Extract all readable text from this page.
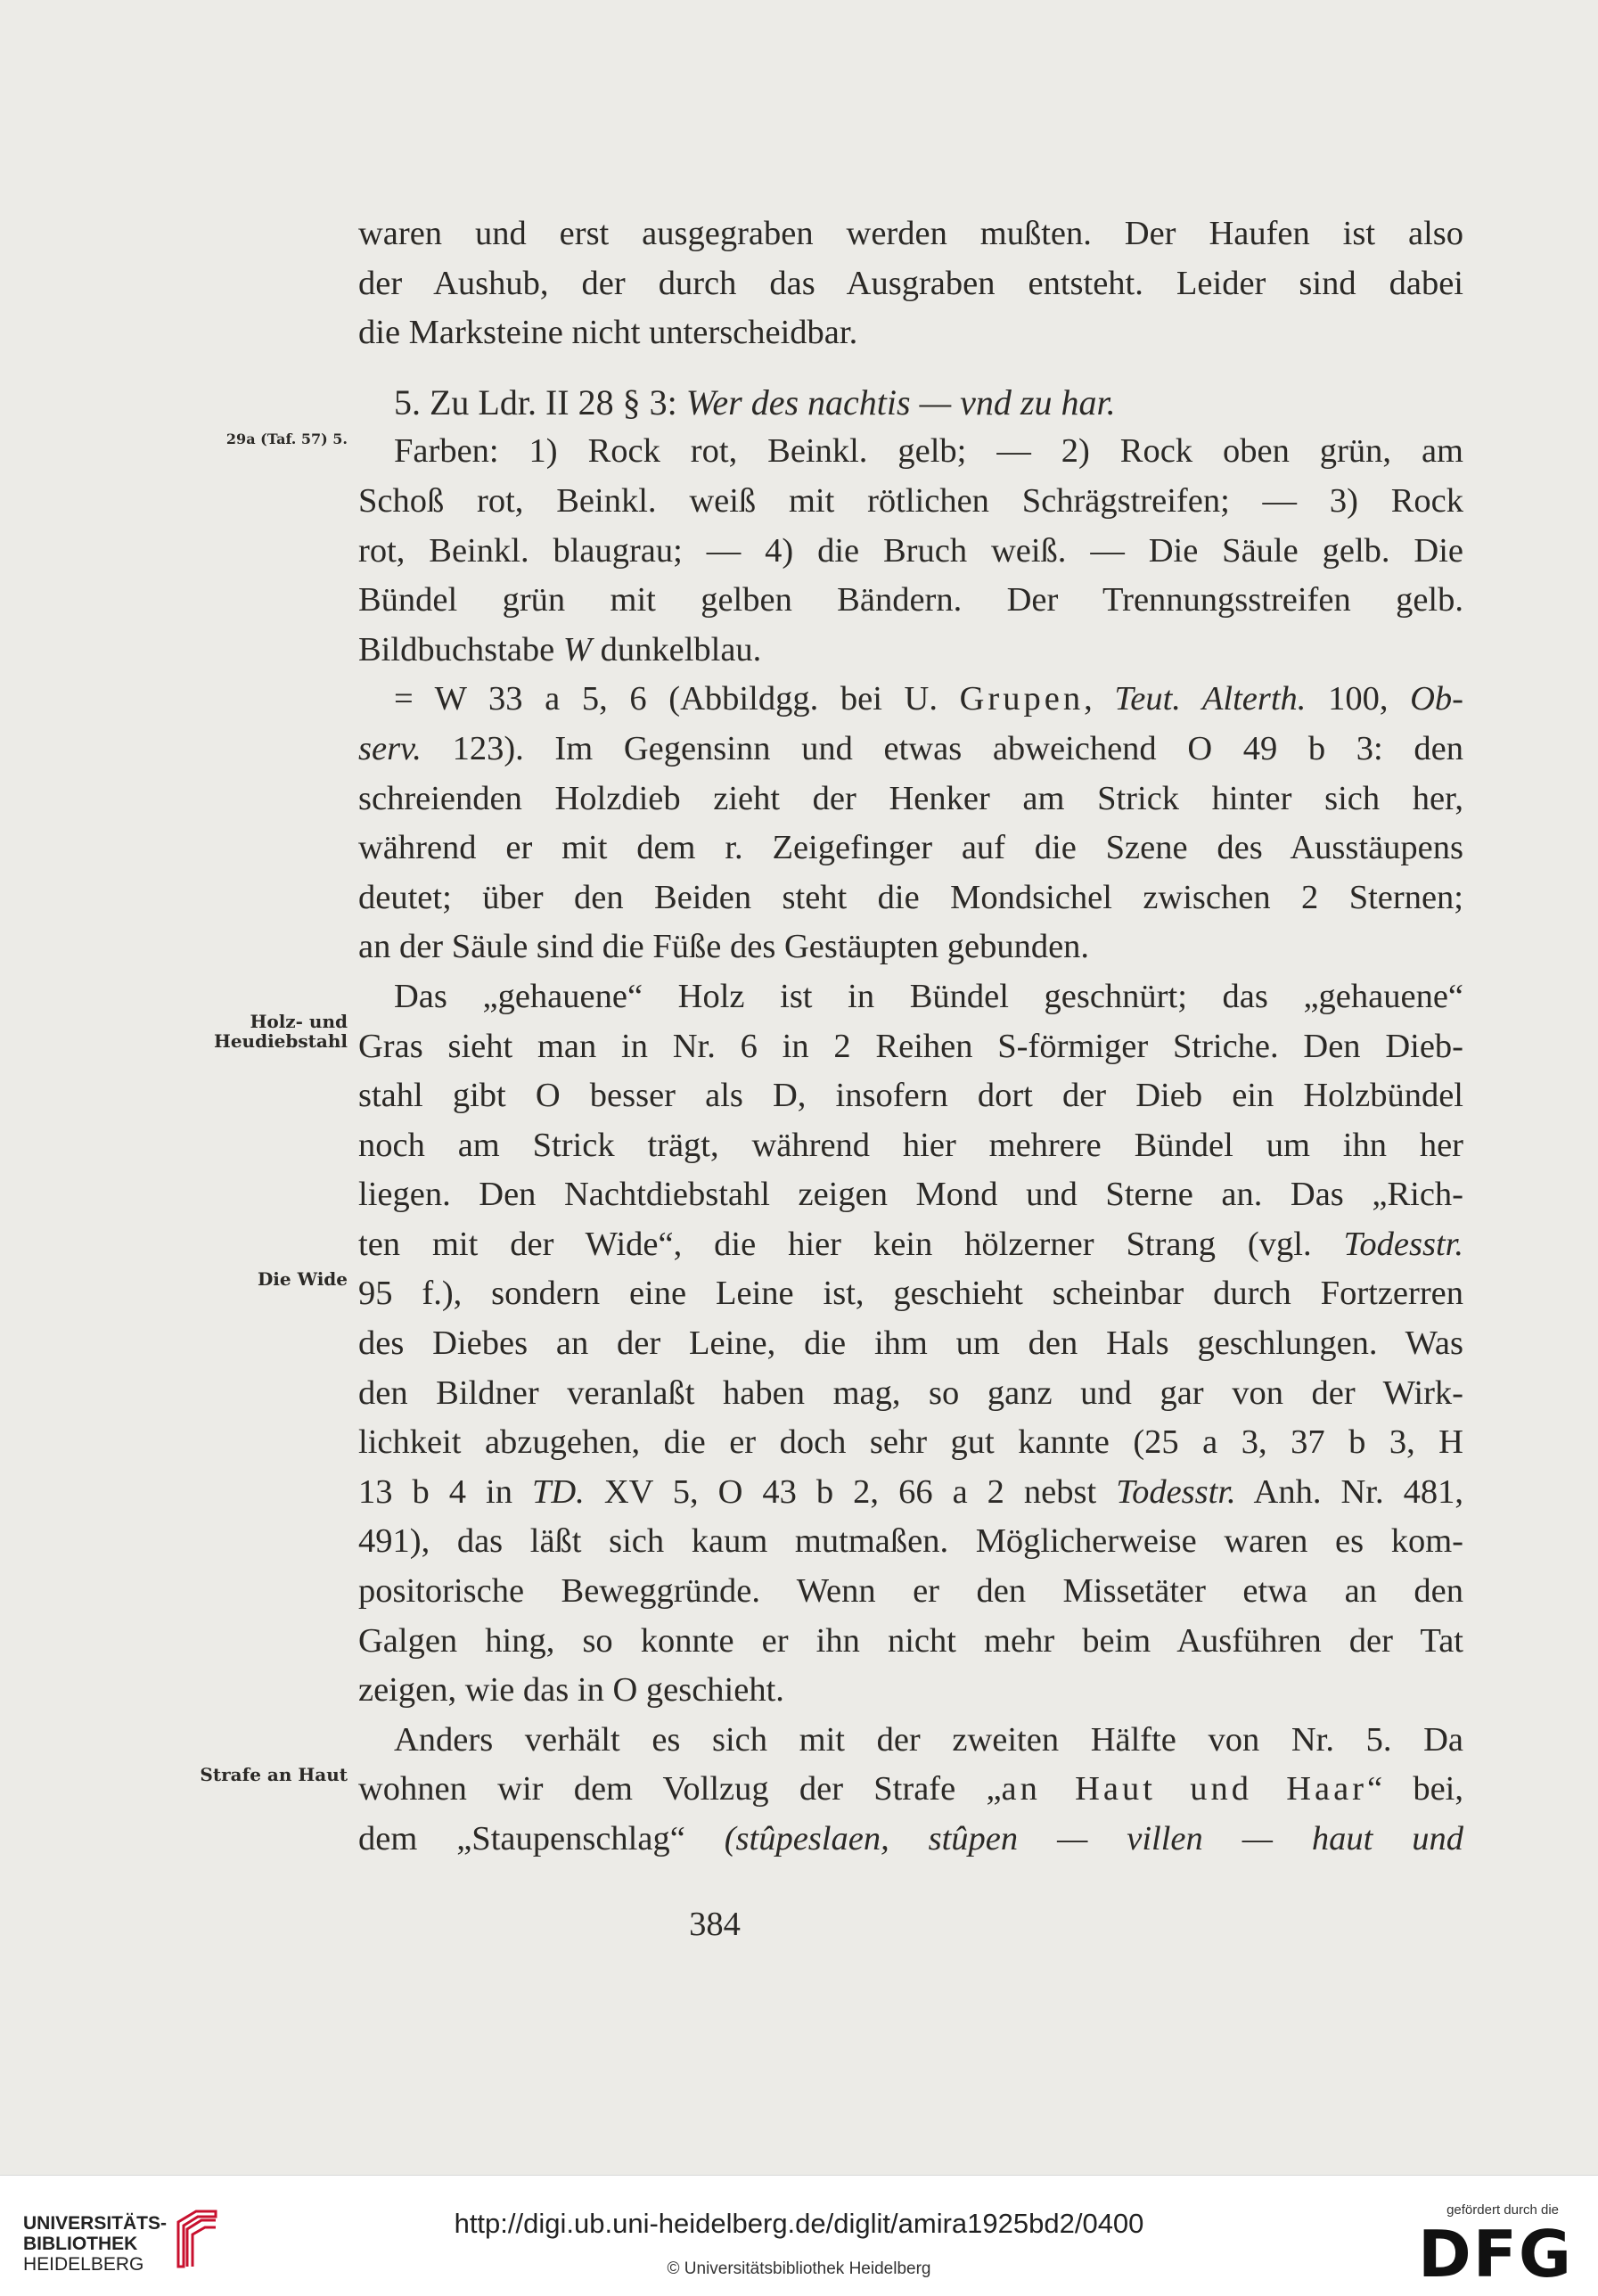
29a (Taf. 57) 5.
Holz- und
Heudiebstahl
Die Wide
Strafe an Haut
waren und erst ausgegraben werden mußten. Der Haufen ist also
der Aushub, der durch das Ausgraben entsteht. Leider sind dabei
die Marksteine nicht unterscheidbar.
5. Zu Ldr. II 28 § 3: Wer des nachtis — vnd zu har.
Farben: 1) Rock rot, Beinkl. gelb; — 2) Rock oben grün, am
Schoß rot, Beinkl. weiß mit rötlichen Schrägstreifen; — 3) Rock
rot, Beinkl. blaugrau; — 4) die Bruch weiß. — Die Säule gelb. Die
Bündel grün mit gelben Bändern. Der Trennungsstreifen gelb.
Bildbuchstabe W dunkelblau.
= W 33 a 5, 6 (Abbildgg. bei U. Grupen, Teut. Alterth. 100, Ob-
serv. 123). Im Gegensinn und etwas abweichend O 49 b 3: den
schreienden Holzdieb zieht der Henker am Strick hinter sich her,
während er mit dem r. Zeigefinger auf die Szene des Ausstäupens
deutet; über den Beiden steht die Mondsichel zwischen 2 Sternen;
an der Säule sind die Füße des Gestäupten gebunden.
Das „gehauene“ Holz ist in Bündel geschnürt; das „gehauene“
Gras sieht man in Nr. 6 in 2 Reihen S-förmiger Striche. Den Dieb-
stahl gibt O besser als D, insofern dort der Dieb ein Holzbündel
noch am Strick trägt, während hier mehrere Bündel um ihn her
liegen. Den Nachtdiebstahl zeigen Mond und Sterne an. Das „Rich-
ten mit der Wide“, die hier kein hölzerner Strang (vgl. Todesstr.
95 f.), sondern eine Leine ist, geschieht scheinbar durch Fortzerren
des Diebes an der Leine, die ihm um den Hals geschlungen. Was
den Bildner veranlaßt haben mag, so ganz und gar von der Wirk-
lichkeit abzugehen, die er doch sehr gut kannte (25 a 3, 37 b 3, H
13 b 4 in TD. XV 5, O 43 b 2, 66 a 2 nebst Todesstr. Anh. Nr. 481,
491), das läßt sich kaum mutmaßen. Möglicherweise waren es kom-
positorische Beweggründe. Wenn er den Missetäter etwa an den
Galgen hing, so konnte er ihn nicht mehr beim Ausführen der Tat
zeigen, wie das in O geschieht.
Anders verhält es sich mit der zweiten Hälfte von Nr. 5. Da
wohnen wir dem Vollzug der Strafe „an Haut und Haar“ bei,
dem „Staupenschlag“ (stûpeslaen, stûpen — villen — haut und
384
UNIVERSITÄTS-
BIBLIOTHEK
HEIDELBERG
http://digi.ub.uni-heidelberg.de/diglit/amira1925bd2/0400
© Universitätsbibliothek Heidelberg
gefördert durch die
DFG
